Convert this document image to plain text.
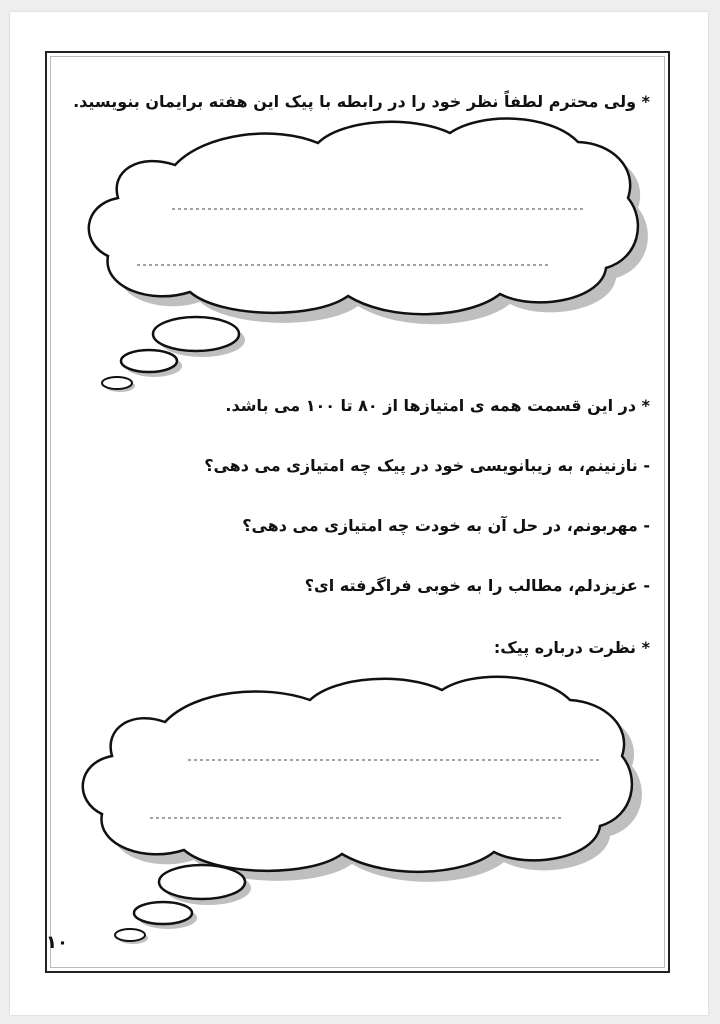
* ولی محترم لطفاً نظر خود را در رابطه با پیک این هفته برایمان بنویسید.
* در این قسمت همه ی امتیازها از ۸۰ تا ۱۰۰ می باشد.
- نازنینم، به زیبانویسی خود در پیک چه امتیازی می دهی؟
- مهربونم، در حل آن به خودت چه امتیازی می دهی؟
- عزیزدلم، مطالب را به خوبی فراگرفته ای؟
* نظرت درباره پیک:
۱۰
